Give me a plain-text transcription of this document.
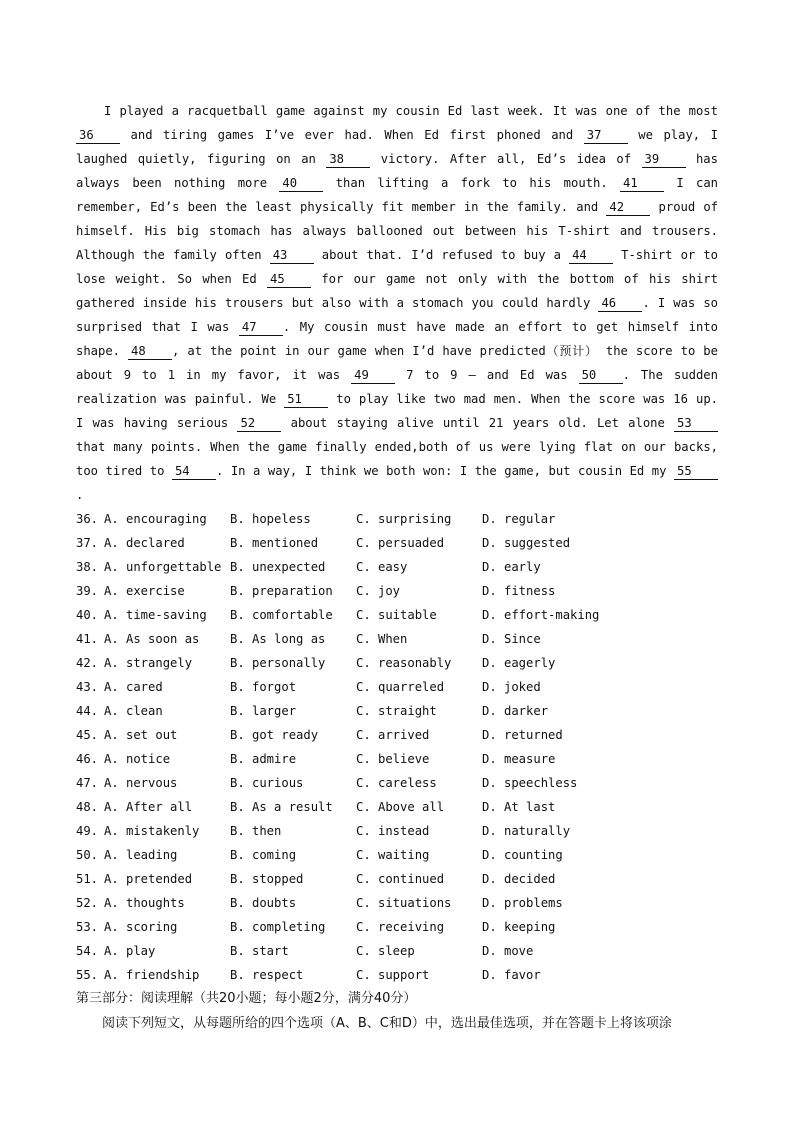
I played a racquetball game against my cousin Ed last week. It was one of the most 36 and tiring games I’ve ever had. When Ed first phoned and 37 we play, I laughed quietly, figuring on an 38 victory. After all, Ed’s idea of 39 has always been nothing more 40 than lifting a fork to his mouth. 41 I can remember, Ed’s been the least physically fit member in the family. and 42 proud of himself. His big stomach has always ballooned out between his T-shirt and trousers. Although the family often 43 about that. I’d refused to buy a 44 T-shirt or to lose weight. So when Ed 45 for our game not only with the bottom of his shirt gathered inside his trousers but also with a stomach you could hardly 46 . I was so surprised that I was 47 . My cousin must have made an effort to get himself into shape. 48 , at the point in our game when I’d have predicted（预计） the score to be about 9 to 1 in my favor, it was 49 7 to 9 — and Ed was 50 . The sudden realization was painful. We 51 to play like two mad men. When the score was 16 up. I was having serious 52 about staying alive until 21 years old. Let alone 53 that many points. When the game finally ended,both of us were lying flat on our backs, too tired to 54 . In a way, I think we both won: I the game, but cousin Ed my 55.

36. A. encouraging	B. hopeless	C. surprising	D. regular
37. A. declared	B. mentioned	C. persuaded	D. suggested
38. A. unforgettable B. unexpected	C. easy	D. early
39. A. exercise	B. preparation	C. joy	D. fitness
40. A. time-saving	B. comfortable	C. suitable	D. effort-making
41. A. As soon as	B. As long as	C. When	D. Since
42. A. strangely	B. personally	C. reasonably	D. eagerly
43. A. cared	B. forgot	C. quarreled	D. joked
44. A. clean	B. larger	C. straight	D. darker
45. A. set out	B. got ready	C. arrived	D. returned
46. A. notice	B. admire	C. believe	D. measure
47. A. nervous	B. curious	C. careless	D. speechless
48. A. After all	B. As a result	C. Above all	D. At last
49. A. mistakenly	B. then	C. instead	D. naturally
50. A. leading	B. coming	C. waiting	D. counting
51. A. pretended	B. stopped	C. continued	D. decided
52. A. thoughts	B. doubts	C. situations	D. problems
53. A. scoring	B. completing	C. receiving	D. keeping
54. A. play	B. start	C. sleep	D. move
55. A. friendship	B. respect	C. support	D. favor

第三部分：阅读理解（共20小题；每小题2分，满分40分）

阅读下列短文，从每题所给的四个选项（A、B、C和D）中，选出最佳选项，并在答题卡上将该项涂
